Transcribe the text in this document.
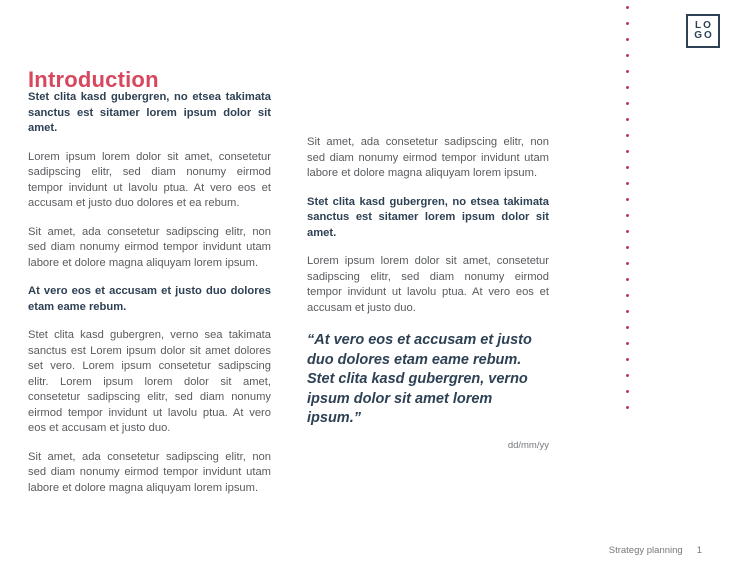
Introduction

Stet clita kasd gubergren, no etsea takimata sanctus est sitamer lorem ipsum dolor sit amet.

Lorem ipsum lorem dolor sit amet, consetetur sadipscing elitr, sed diam nonumy eirmod tempor invidunt ut lavolu ptua. At vero eos et accusam et justo duo dolores et ea rebum.

Sit amet, ada consetetur sadipscing elitr, non sed diam nonumy eirmod tempor invidunt utam labore et dolore magna aliquyam lorem ipsum.

At vero eos et accusam et justo duo dolores etam eame rebum.

Stet clita kasd gubergren, verno sea takimata sanctus est Lorem ipsum dolor sit amet dolores set vero. Lorem ipsum consetetur sadipscing elitr. Lorem ipsum lorem dolor sit amet, consetetur sadipscing elitr, sed diam nonumy eirmod tempor invidunt ut lavolu ptua. At vero eos et accusam et justo duo.

Sit amet, ada consetetur sadipscing elitr, non sed diam nonumy eirmod tempor invidunt utam labore et dolore magna aliquyam lorem ipsum.

Sit amet, ada consetetur sadipscing elitr, non sed diam nonumy eirmod tempor invidunt utam labore et dolore magna aliquyam lorem ipsum.

Stet clita kasd gubergren, no etsea takimata sanctus est sitamer lorem ipsum dolor sit amet.

Lorem ipsum lorem dolor sit amet, consetetur sadipscing elitr, sed diam nonumy eirmod tempor invidunt ut lavolu ptua. At vero eos et accusam et justo duo.

“At vero eos et accusam et justo duo dolores etam eame rebum. Stet clita kasd gubergren, verno ipsum dolor sit amet lorem ipsum.”
dd/mm/yy
LO
GO
Strategy planning 1
